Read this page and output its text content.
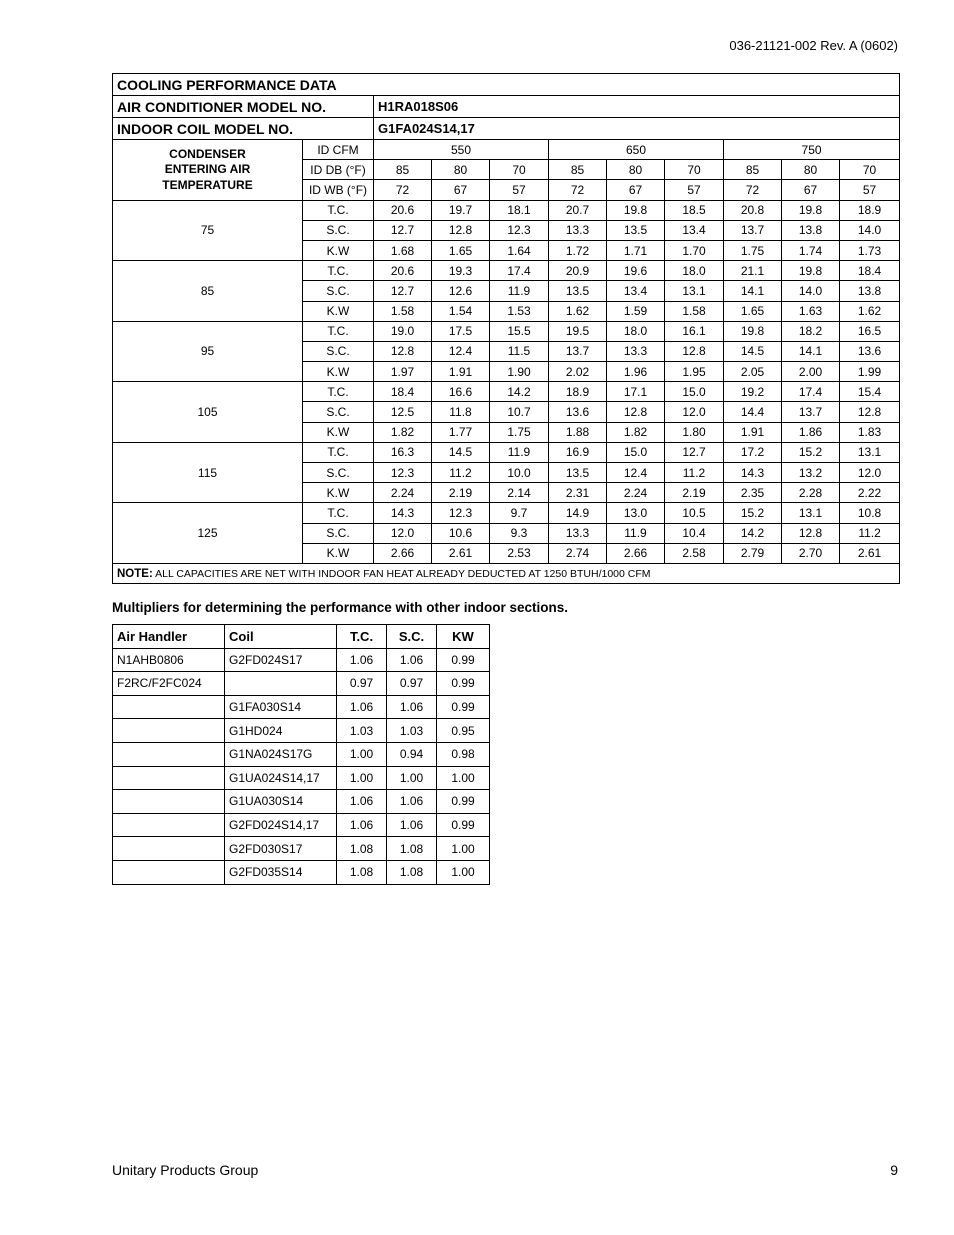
036-21121-002 Rev. A (0602)
COOLING PERFORMANCE DATA										
AIR CONDITIONER MODEL NO.		H1RA018S06								
INDOOR COIL MODEL NO.		G1FA024S14,17								

CONDENSER
ENTERING AIR
TEMPERATURE	ID CFM	550			650			750		
	ID DB (°F)	85	80	70	85	80	70	85	80	70
	ID WB (°F)	72	67	57	72	67	57	72	67	57
75	T.C.	20.6	19.7	18.1	20.7	19.8	18.5	20.8	19.8	18.9
	S.C.	12.7	12.8	12.3	13.3	13.5	13.4	13.7	13.8	14.0
	K.W	1.68	1.65	1.64	1.72	1.71	1.70	1.75	1.74	1.73
85	T.C.	20.6	19.3	17.4	20.9	19.6	18.0	21.1	19.8	18.4
	S.C.	12.7	12.6	11.9	13.5	13.4	13.1	14.1	14.0	13.8
	K.W	1.58	1.54	1.53	1.62	1.59	1.58	1.65	1.63	1.62
95	T.C.	19.0	17.5	15.5	19.5	18.0	16.1	19.8	18.2	16.5
	S.C.	12.8	12.4	11.5	13.7	13.3	12.8	14.5	14.1	13.6
	K.W	1.97	1.91	1.90	2.02	1.96	1.95	2.05	2.00	1.99
105	T.C.	18.4	16.6	14.2	18.9	17.1	15.0	19.2	17.4	15.4
	S.C.	12.5	11.8	10.7	13.6	12.8	12.0	14.4	13.7	12.8
	K.W	1.82	1.77	1.75	1.88	1.82	1.80	1.91	1.86	1.83
115	T.C.	16.3	14.5	11.9	16.9	15.0	12.7	17.2	15.2	13.1
	S.C.	12.3	11.2	10.0	13.5	12.4	11.2	14.3	13.2	12.0
	K.W	2.24	2.19	2.14	2.31	2.24	2.19	2.35	2.28	2.22
125	T.C.	14.3	12.3	9.7	14.9	13.0	10.5	15.2	13.1	10.8
	S.C.	12.0	10.6	9.3	13.3	11.9	10.4	14.2	12.8	11.2
	K.W	2.66	2.61	2.53	2.74	2.66	2.58	2.79	2.70	2.61
NOTE: ALL CAPACITIES ARE NET WITH INDOOR FAN HEAT ALREADY DEDUCTED AT 1250 BTUH/1000 CFM										
Multipliers for determining the performance with other indoor sections.
Air Handler	Coil	T.C.	S.C.	KW
N1AHB0806	G2FD024S17	1.06	1.06	0.99
F2RC/F2FC024		0.97	0.97	0.99
	G1FA030S14	1.06	1.06	0.99
	G1HD024	1.03	1.03	0.95
	G1NA024S17G	1.00	0.94	0.98
	G1UA024S14,17	1.00	1.00	1.00
	G1UA030S14	1.06	1.06	0.99
	G2FD024S14,17	1.06	1.06	0.99
	G2FD030S17	1.08	1.08	1.00
	G2FD035S14	1.08	1.08	1.00
Unitary Products Group	9
